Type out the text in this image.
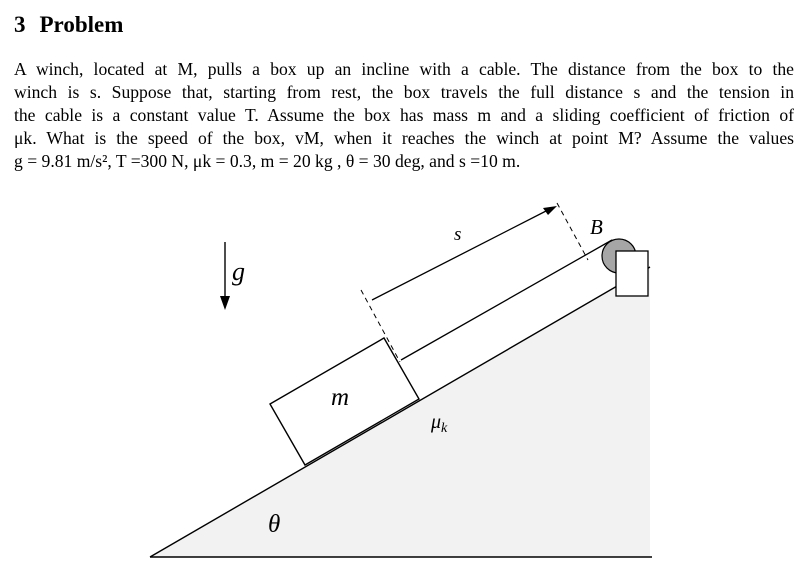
3 Problem
A winch, located at M, pulls a box up an incline with a cable. The distance from the box to the
winch is s. Suppose that, starting from rest, the box travels the full distance s and the tension in
the cable is a constant value T. Assume the box has mass m and a sliding coefficient of friction of
μk. What is the speed of the box, vM, when it reaches the winch at point M? Assume the values
g = 9.81 m/s², T =300 N, μk = 0.3, m = 20 kg , θ = 30 deg, and s =10 m.
s	B
g
m
$\mu_k$
θ
